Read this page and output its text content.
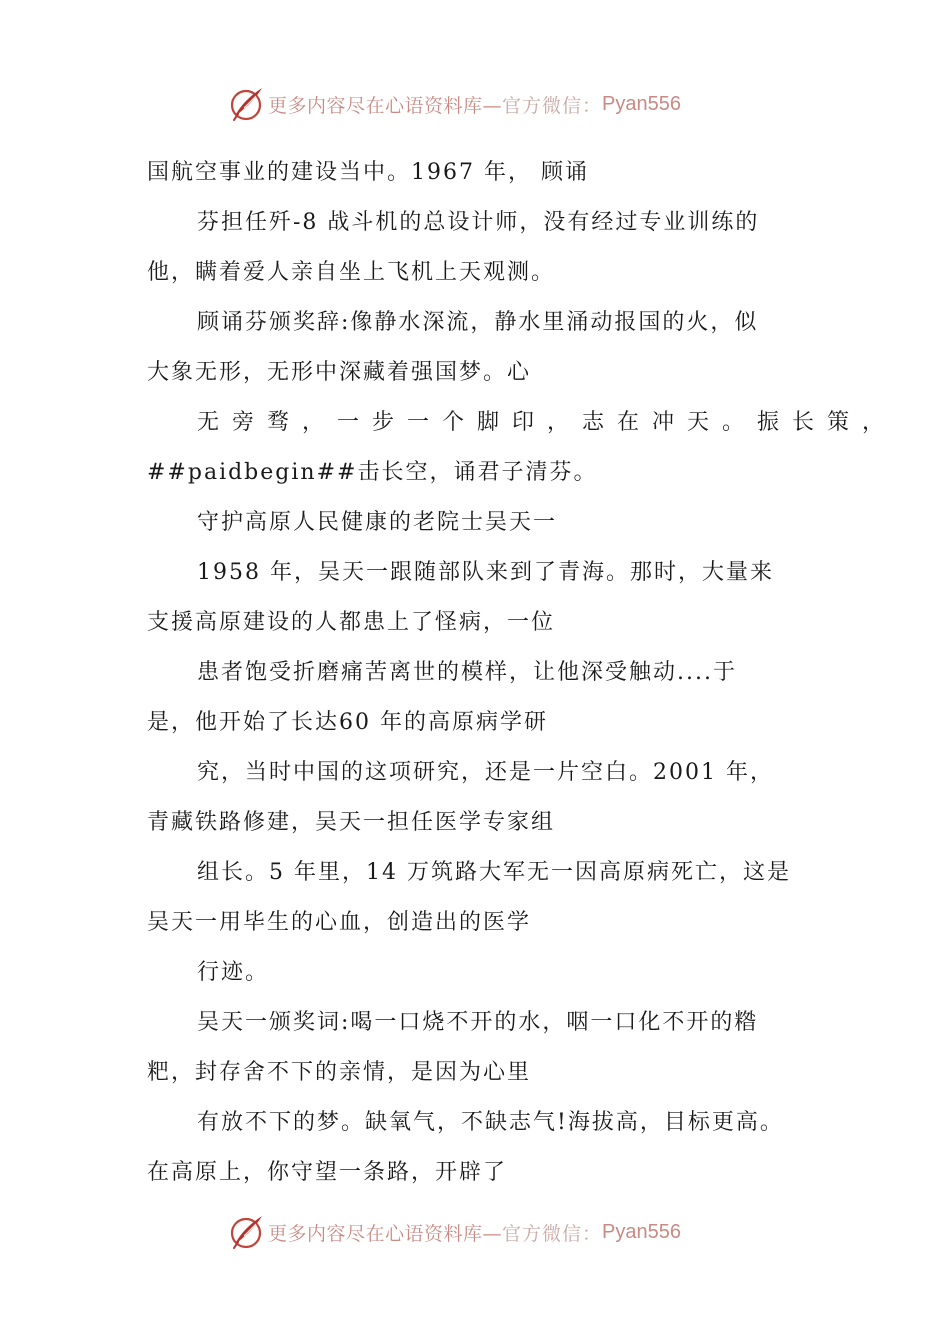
更多内容尽在心语资料库— 官方微信： Pyan556
国航空事业的建设当中。1967 年， 顾诵
芬担任歼-8 战斗机的总设计师，没有经过专业训练的
他，瞒着爱人亲自坐上飞机上天观测。
顾诵芬颁奖辞:像静水深流，静水里涌动报国的火，似
大象无形，无形中深藏着强国梦。心
无旁骛，一步一个脚印，志在冲天。振长策，
##paidbegin##击长空，诵君子清芬。
守护高原人民健康的老院士吴天一
1958 年，吴天一跟随部队来到了青海。那时，大量来
支援高原建设的人都患上了怪病，一位
患者饱受折磨痛苦离世的模样，让他深受触动....于
是，他开始了长达60 年的高原病学研
究，当时中国的这项研究，还是一片空白。2001 年，
青藏铁路修建，吴天一担任医学专家组
组长。5 年里，14 万筑路大军无一因高原病死亡，这是
吴天一用毕生的心血，创造出的医学
行迹。
吴天一颁奖词:喝一口烧不开的水，咽一口化不开的糌
粑，封存舍不下的亲情，是因为心里
有放不下的梦。缺氧气，不缺志气!海拔高，目标更高。
在高原上，你守望一条路，开辟了
更多内容尽在心语资料库— 官方微信： Pyan556
